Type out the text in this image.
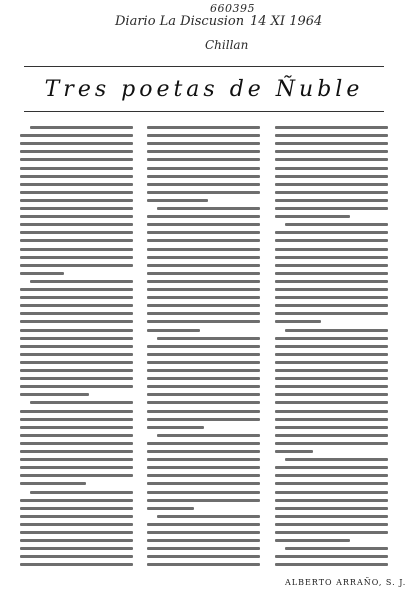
660395
Diario La Discusion 14 XI 1964
Chillan
Tres poetas de Ñuble
ALBERTO ARRAÑO, S. J.
